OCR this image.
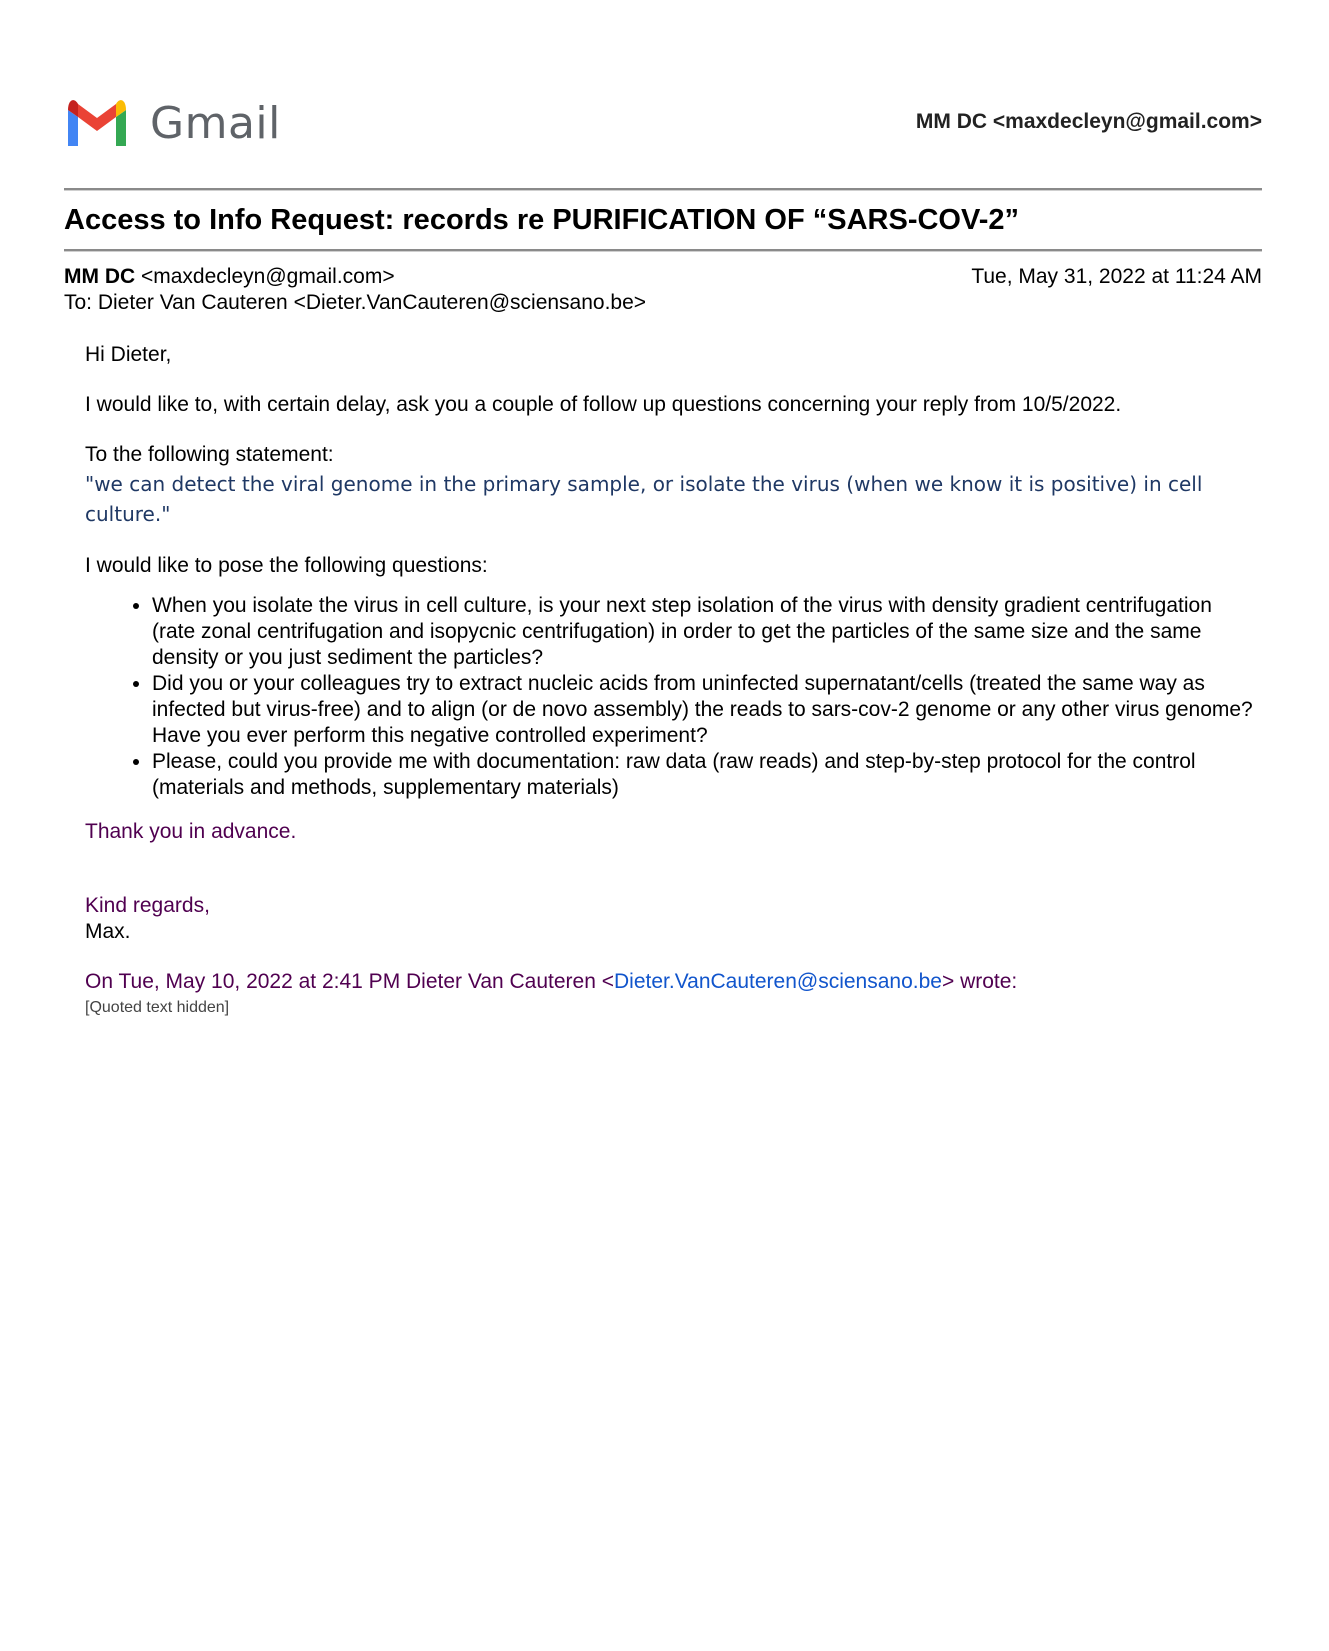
Gmail	MM DC <maxdecleyn@gmail.com>
Access to Info Request: records re PURIFICATION OF “SARS-COV-2”
MM DC <maxdecleyn@gmail.com>	Tue, May 31, 2022 at 11:24 AM
To: Dieter Van Cauteren <Dieter.VanCauteren@sciensano.be>

Hi Dieter,

I would like to, with certain delay, ask you a couple of follow up questions concerning your reply from 10/5/2022.

To the following statement:

"we can detect the viral genome in the primary sample, or isolate the virus (when we know it is positive) in cell culture."

I would like to pose the following questions:

• When you isolate the virus in cell culture, is your next step isolation of the virus with density gradient centrifugation (rate zonal centrifugation and isopycnic centrifugation) in order to get the particles of the same size and the same density or you just sediment the particles?
• Did you or your colleagues try to extract nucleic acids from uninfected supernatant/cells (treated the same way as infected but virus-free) and to align (or de novo assembly) the reads to sars-cov-2 genome or any other virus genome? Have you ever perform this negative controlled experiment?
• Please, could you provide me with documentation: raw data (raw reads) and step-by-step protocol for the control (materials and methods, supplementary materials)

Thank you in advance.

Kind regards,

Max.

On Tue, May 10, 2022 at 2:41 PM Dieter Van Cauteren <Dieter.VanCauteren@sciensano.be> wrote:

[Quoted text hidden]
